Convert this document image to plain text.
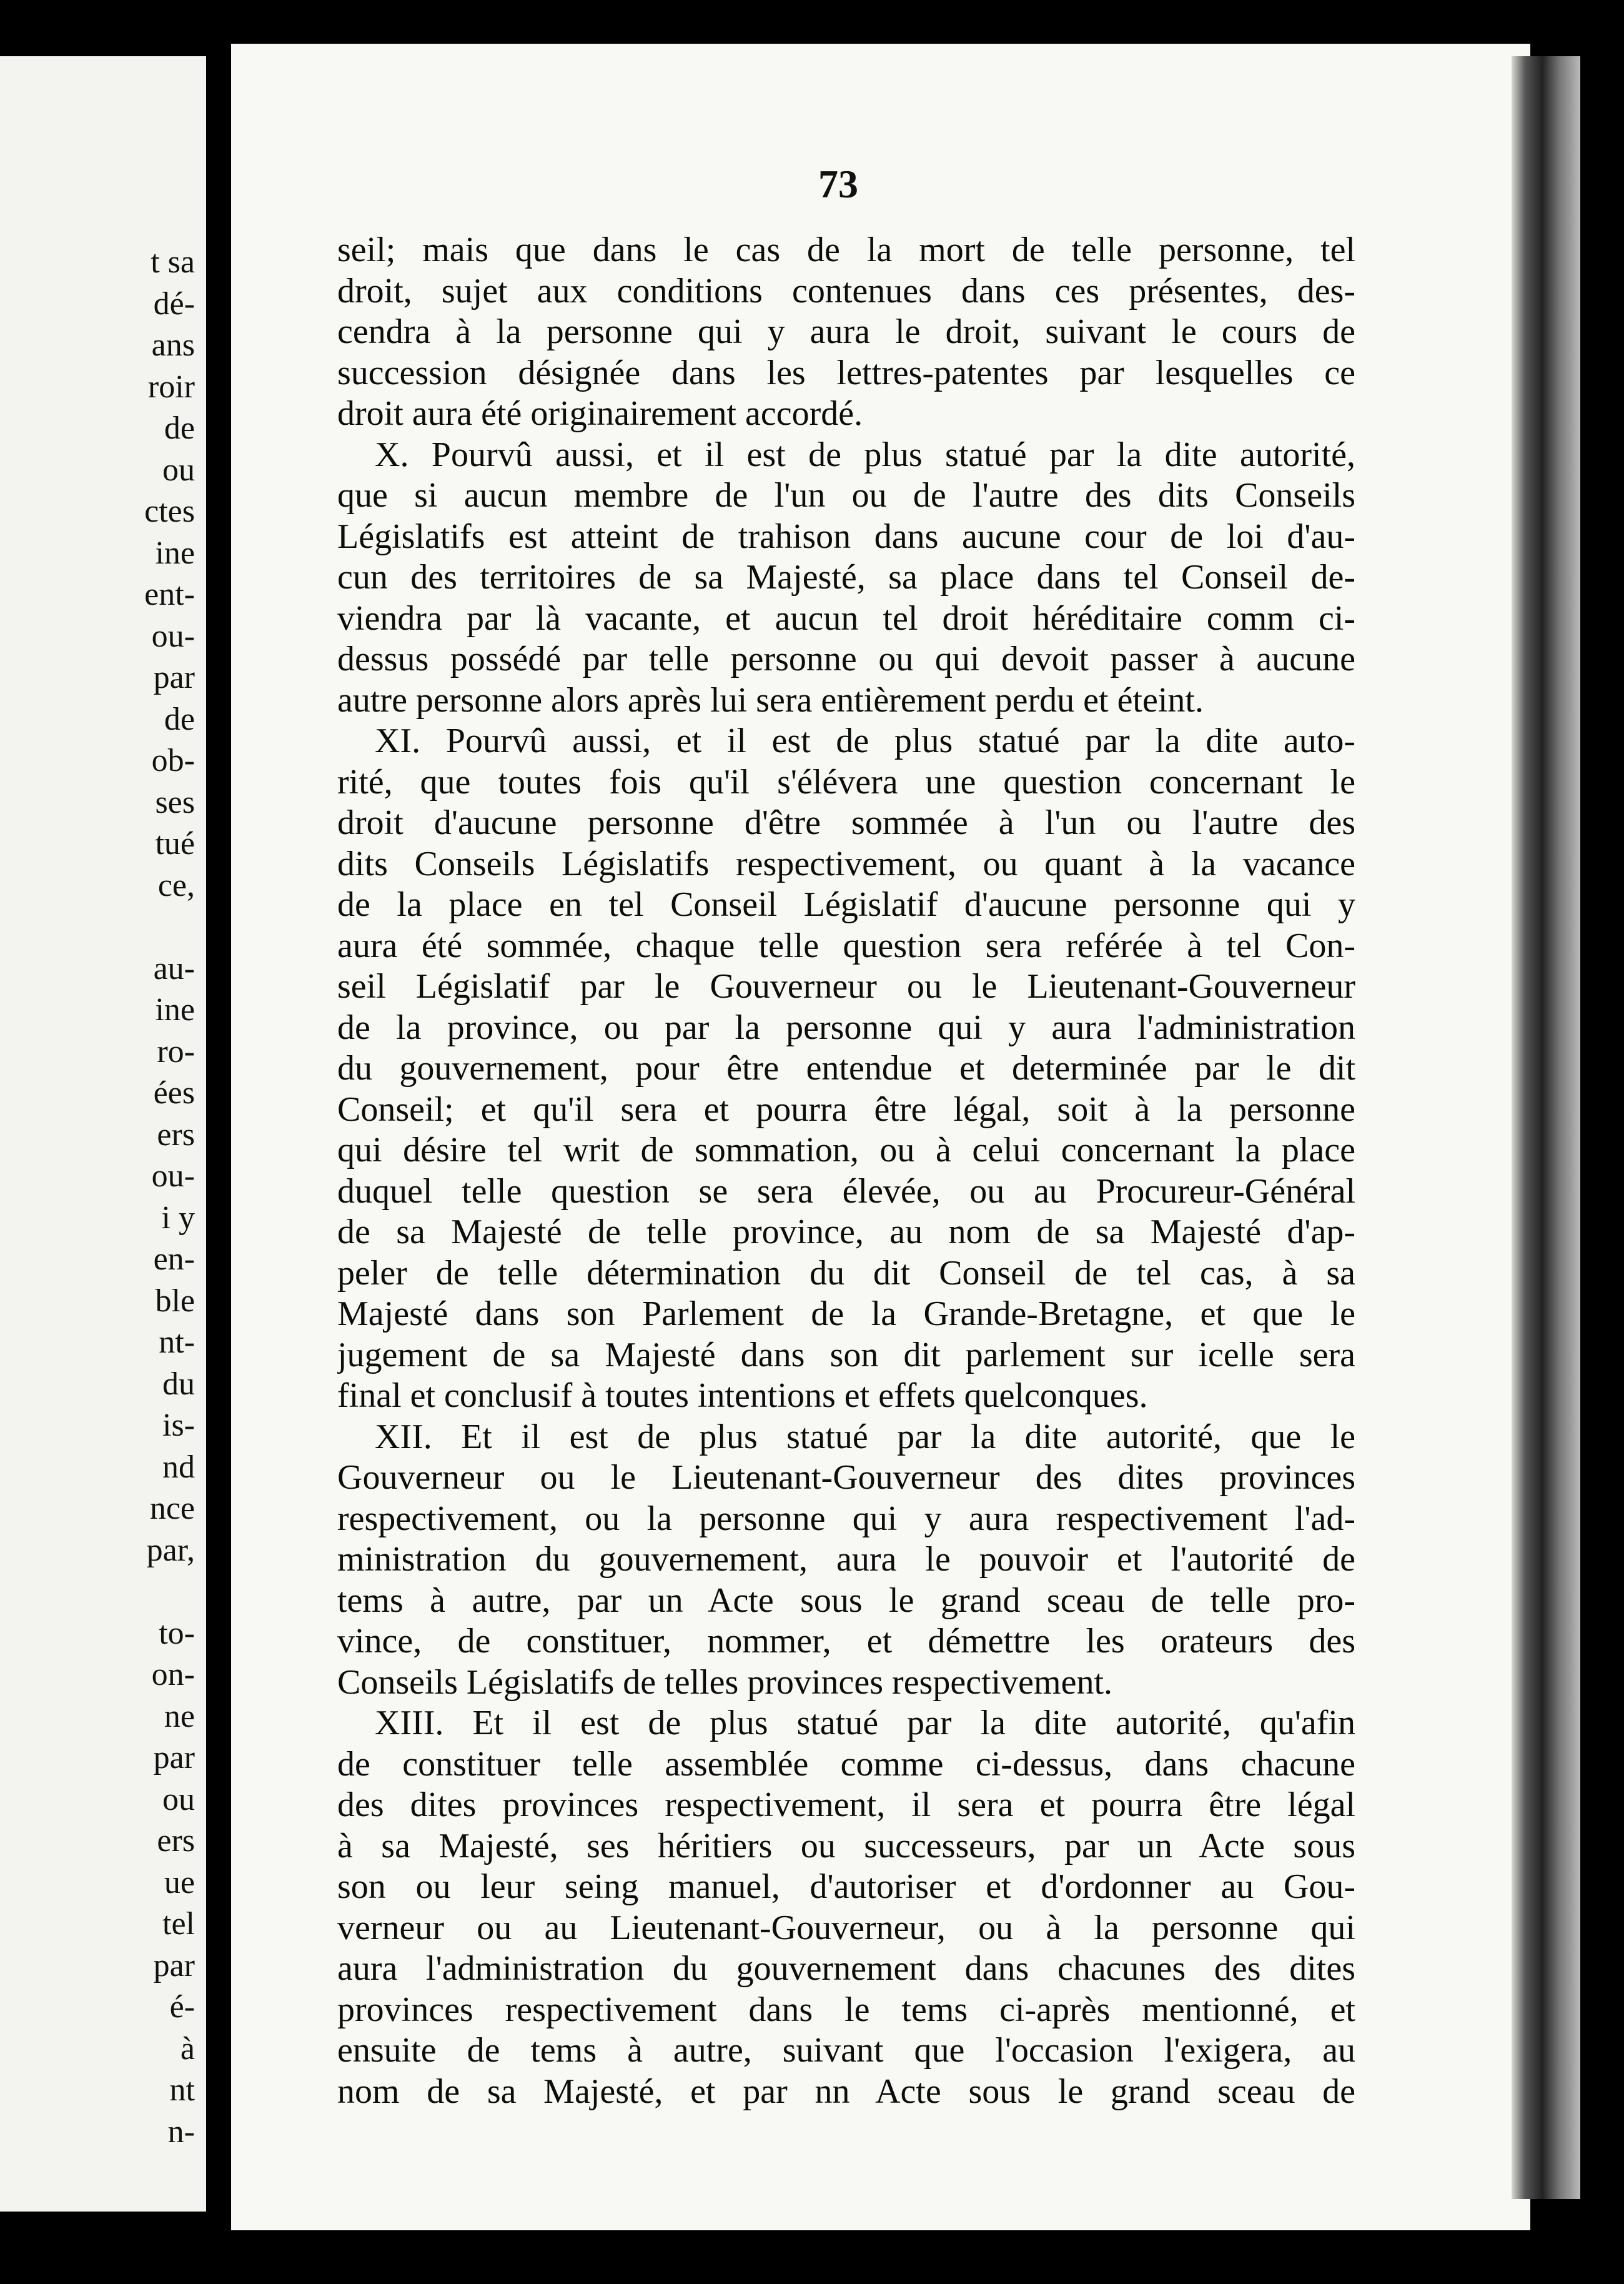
t sa
dé-
ans
roir
de
ou
ctes
ine
ent-
ou-
par
de
ob-
ses
tué
ce,
au-
ine
ro-
ées
ers
ou-
i y
en-
ble
nt-
du
is-
nd
nce
par,
to-
on-
ne
par
ou
ers
ue
tel
par
é-
à
nt
n-
73
seil; mais que dans le cas de la mort de telle personne, tel
droit, sujet aux conditions contenues dans ces présentes, des-
cendra à la personne qui y aura le droit, suivant le cours de
succession désignée dans les lettres-patentes par lesquelles ce
droit aura été originairement accordé.
X. Pourvû aussi, et il est de plus statué par la dite autorité,
que si aucun membre de l'un ou de l'autre des dits Conseils
Législatifs est atteint de trahison dans aucune cour de loi d'au-
cun des territoires de sa Majesté, sa place dans tel Conseil de-
viendra par là vacante, et aucun tel droit héréditaire comm ci-
dessus possédé par telle personne ou qui devoit passer à aucune
autre personne alors après lui sera entièrement perdu et éteint.
XI. Pourvû aussi, et il est de plus statué par la dite auto-
rité, que toutes fois qu'il s'élévera une question concernant le
droit d'aucune personne d'être sommée à l'un ou l'autre des
dits Conseils Législatifs respectivement, ou quant à la vacance
de la place en tel Conseil Législatif d'aucune personne qui y
aura été sommée, chaque telle question sera reférée à tel Con-
seil Législatif par le Gouverneur ou le Lieutenant-Gouverneur
de la province, ou par la personne qui y aura l'administration
du gouvernement, pour être entendue et determinée par le dit
Conseil; et qu'il sera et pourra être légal, soit à la personne
qui désire tel writ de sommation, ou à celui concernant la place
duquel telle question se sera élevée, ou au Procureur-Général
de sa Majesté de telle province, au nom de sa Majesté d'ap-
peler de telle détermination du dit Conseil de tel cas, à sa
Majesté dans son Parlement de la Grande-Bretagne, et que le
jugement de sa Majesté dans son dit parlement sur icelle sera
final et conclusif à toutes intentions et effets quelconques.
XII. Et il est de plus statué par la dite autorité, que le
Gouverneur ou le Lieutenant-Gouverneur des dites provinces
respectivement, ou la personne qui y aura respectivement l'ad-
ministration du gouvernement, aura le pouvoir et l'autorité de
tems à autre, par un Acte sous le grand sceau de telle pro-
vince, de constituer, nommer, et démettre les orateurs des
Conseils Législatifs de telles provinces respectivement.
XIII. Et il est de plus statué par la dite autorité, qu'afin
de constituer telle assemblée comme ci-dessus, dans chacune
des dites provinces respectivement, il sera et pourra être légal
à sa Majesté, ses héritiers ou successeurs, par un Acte sous
son ou leur seing manuel, d'autoriser et d'ordonner au Gou-
verneur ou au Lieutenant-Gouverneur, ou à la personne qui
aura l'administration du gouvernement dans chacunes des dites
provinces respectivement dans le tems ci-après mentionné, et
ensuite de tems à autre, suivant que l'occasion l'exigera, au
nom de sa Majesté, et par nn Acte sous le grand sceau de
